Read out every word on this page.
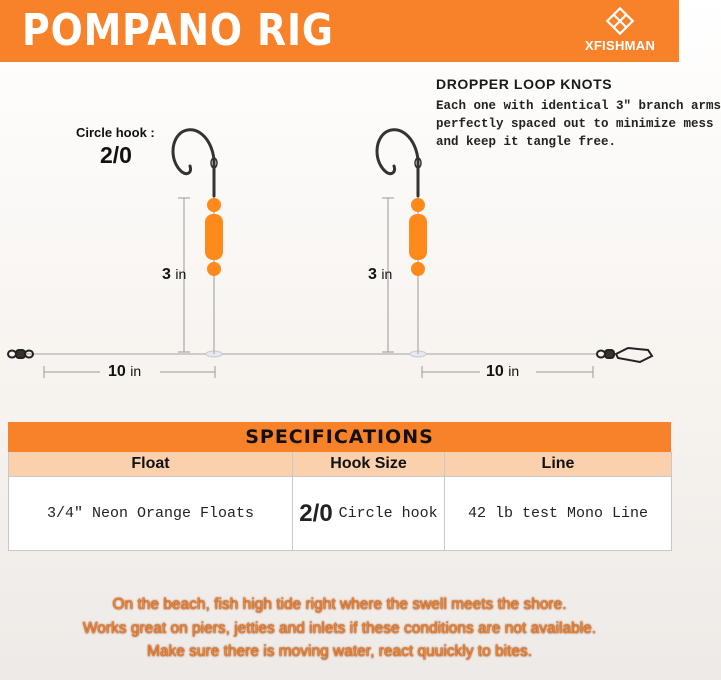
POMPANO RIG	XFISHMAN
DROPPER LOOP KNOTS
Each one with identical 3" branch arms
perfectly spaced out to minimize mess
and keep it tangle free.
Circle hook :
2/0
3 in	3 in
10 in	10 in
SPECIFICATIONS
Float	Hook Size	Line
3/4" Neon Orange Floats	2/0 Circle hook	42 lb test Mono Line
On the beach, fish high tide right where the swell meets the shore.
Works great on piers, jetties and inlets if these conditions are not available.
Make sure there is moving water, react quuickly to bites.
